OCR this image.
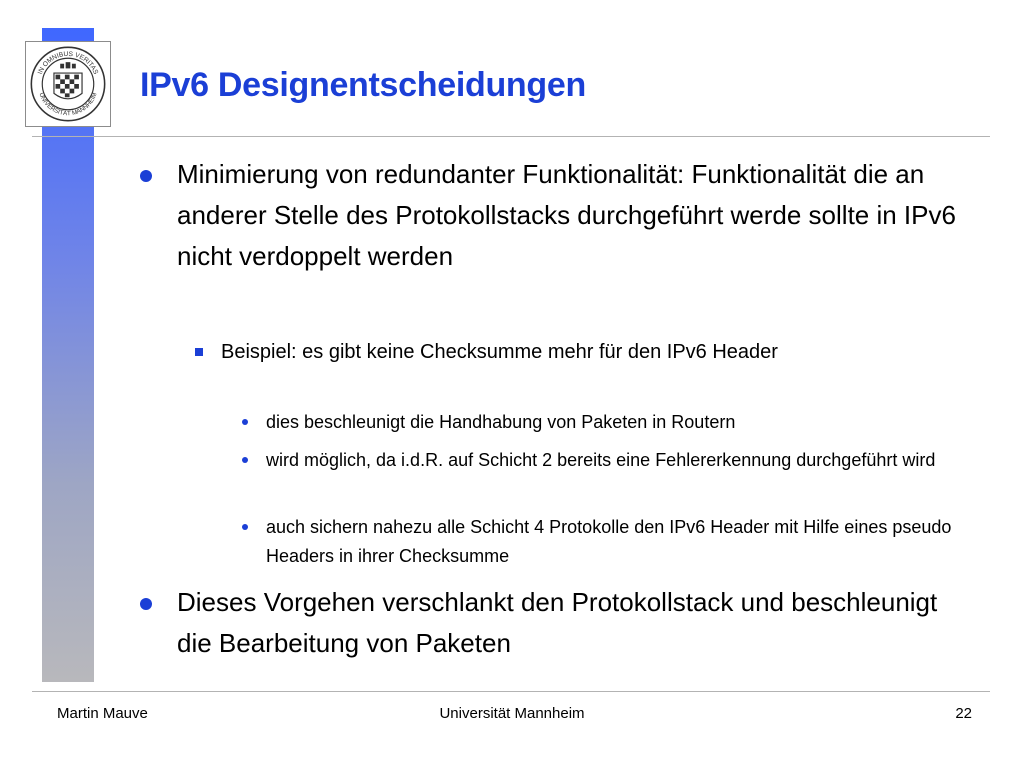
IN OMNIBUS VERITAS
UNIVERSITÄT MANNHEIM IPv6 Designentscheidungen
Minimierung von redundanter Funktionalität: Funktionalität die an anderer Stelle des Protokollstacks durchgeführt werde sollte in IPv6 nicht verdoppelt werden
Beispiel: es gibt keine Checksumme mehr für den IPv6 Header
dies beschleunigt die Handhabung von Paketen in Routern
wird möglich, da i.d.R. auf Schicht 2 bereits eine Fehlererkennung durchgeführt wird
auch sichern nahezu alle Schicht 4 Protokolle den IPv6 Header mit Hilfe eines pseudo Headers in ihrer Checksumme
Dieses Vorgehen verschlankt den Protokollstack und beschleunigt die Bearbeitung von Paketen
Martin Mauve	Universität Mannheim	22
